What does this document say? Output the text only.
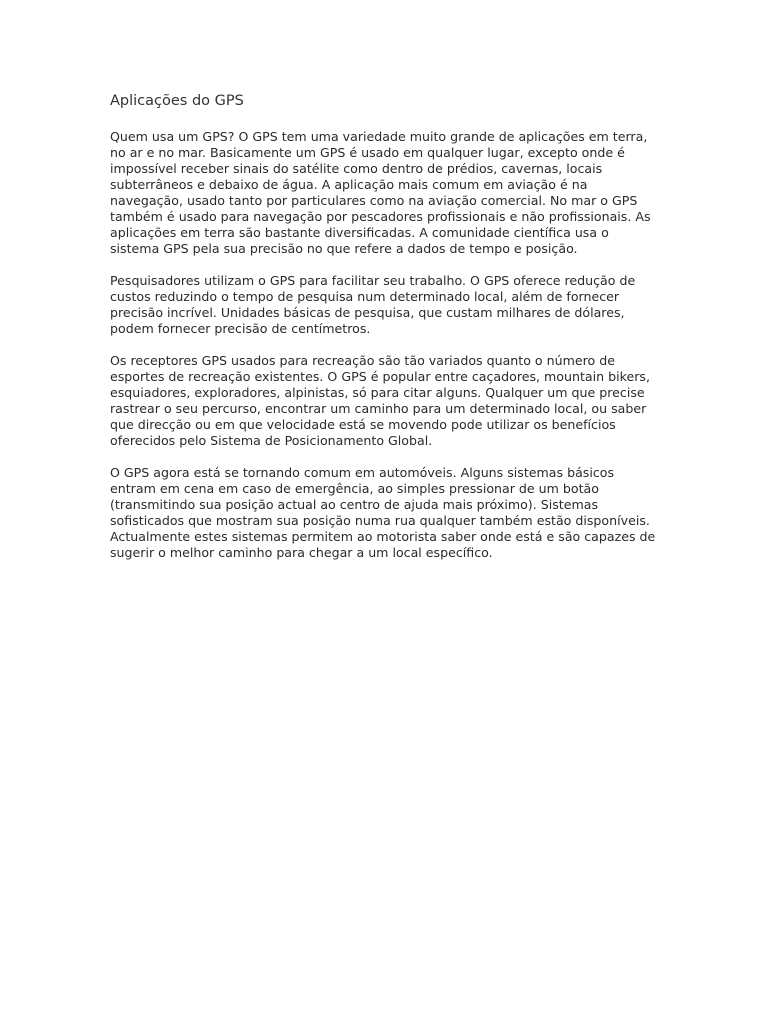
Aplicações do GPS

Quem usa um GPS? O GPS tem uma variedade muito grande de aplicações em terra, no ar e no mar. Basicamente um GPS é usado em qualquer lugar, excepto onde é impossível receber sinais do satélite como dentro de prédios, cavernas, locais subterrâneos e debaixo de água. A aplicação mais comum em aviação é na navegação, usado tanto por particulares como na aviação comercial. No mar o GPS também é usado para navegação por pescadores profissionais e não profissionais. As aplicações em terra são bastante diversificadas. A comunidade científica usa o sistema GPS pela sua precisão no que refere a dados de tempo e posição.

Pesquisadores utilizam o GPS para facilitar seu trabalho. O GPS oferece redução de custos reduzindo o tempo de pesquisa num determinado local, além de fornecer precisão incrível. Unidades básicas de pesquisa, que custam milhares de dólares, podem fornecer precisão de centímetros.

Os receptores GPS usados para recreação são tão variados quanto o número de esportes de recreação existentes. O GPS é popular entre caçadores, mountain bikers, esquiadores, exploradores, alpinistas, só para citar alguns. Qualquer um que precise rastrear o seu percurso, encontrar um caminho para um determinado local, ou saber que direcção ou em que velocidade está se movendo pode utilizar os benefícios oferecidos pelo Sistema de Posicionamento Global.

O GPS agora está se tornando comum em automóveis. Alguns sistemas básicos entram em cena em caso de emergência, ao simples pressionar de um botão (transmitindo sua posição actual ao centro de ajuda mais próximo). Sistemas sofisticados que mostram sua posição numa rua qualquer também estão disponíveis. Actualmente estes sistemas permitem ao motorista saber onde está e são capazes de sugerir o melhor caminho para chegar a um local específico.
